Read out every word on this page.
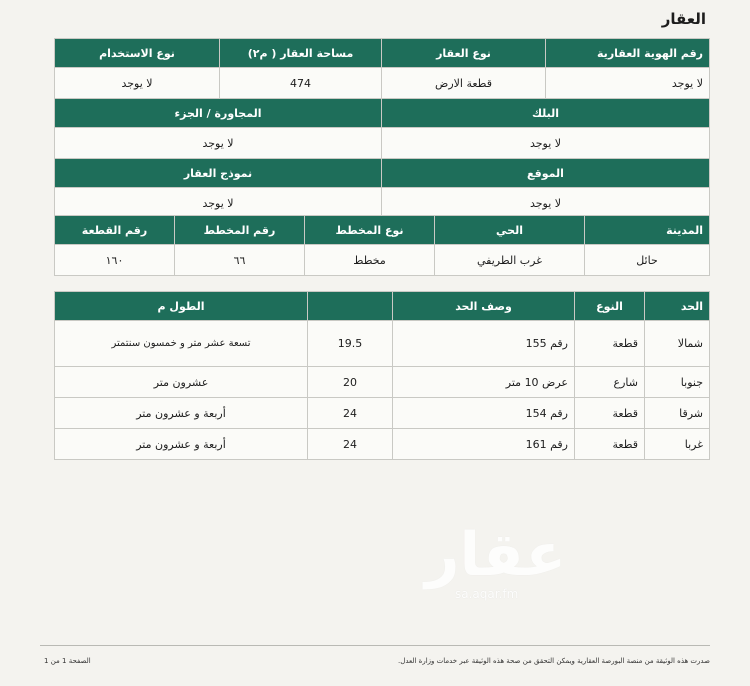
العقار
رقم الهوية العقارية	نوع العقار	مساحة العقار ( م٢)	نوع الاستخدام
لا يوجد	قطعة الارض	474	لا يوجد
البلك		المجاورة / الجزء	
لا يوجد		لا يوجد	
الموقع		نموذج العقار	
لا يوجد		لا يوجد	
المدينة	الحي	نوع المخطط	رقم المخطط	رقم القطعة
حائل	غرب الطريفي	مخطط	٦٦	١٦٠
الحد	النوع	وصف الحد		الطول م
شمالا	قطعة	رقم 155	19.5	تسعة عشر متر و خمسون سنتمتر
جنوبا	شارع	عرض 10 متر	20	عشرون متر
شرقا	قطعة	رقم 154	24	أربعة و عشرون متر
غربا	قطعة	رقم 161	24	أربعة و عشرون متر
عقار
sa.aqar.fm
صدرت هذه الوثيقة من منصة البورصة العقارية ويمكن التحقق من صحة هذه الوثيقة عبر خدمات وزارة العدل.
الصفحة 1 من 1
